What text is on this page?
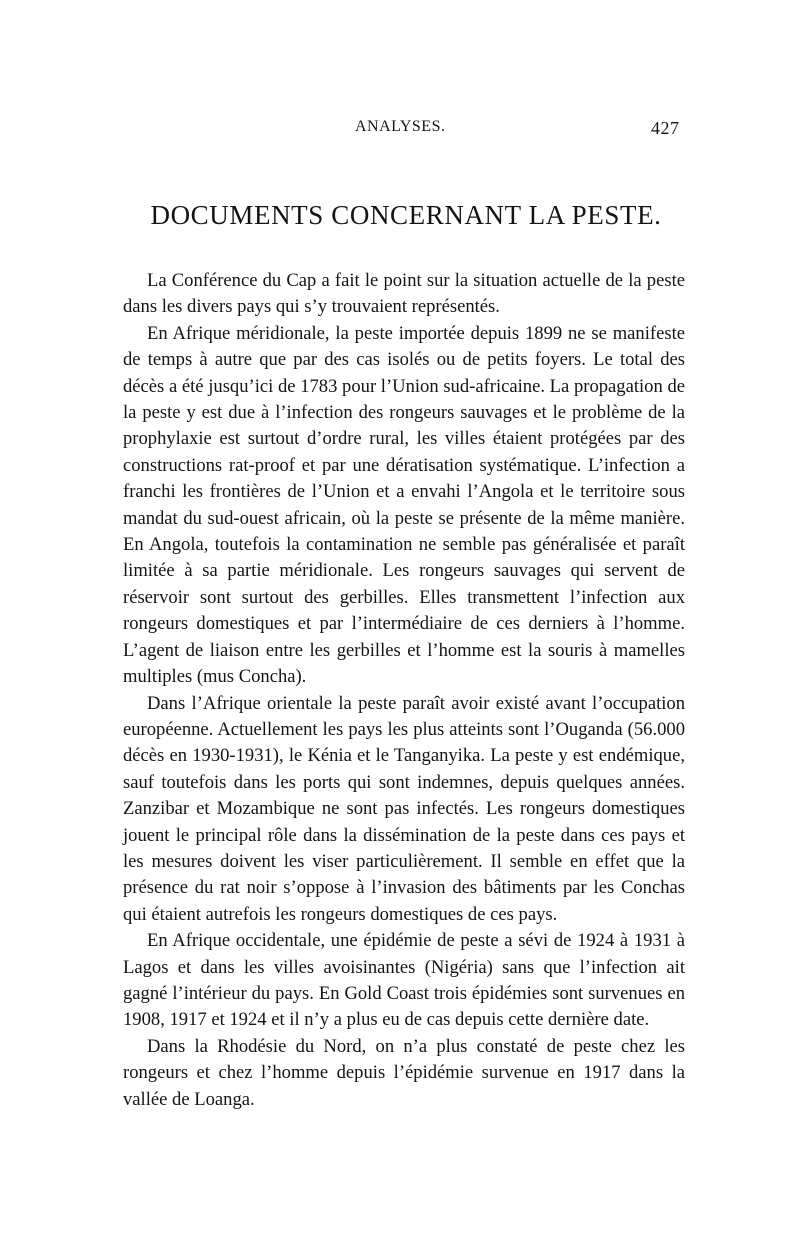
ANALYSES.	427
DOCUMENTS CONCERNANT LA PESTE.

La Conférence du Cap a fait le point sur la situation actuelle de la peste dans les divers pays qui s’y trouvaient représentés.

En Afrique méridionale, la peste importée depuis 1899 ne se manifeste de temps à autre que par des cas isolés ou de petits foyers. Le total des décès a été jusqu’ici de 1783 pour l’Union sud-africaine. La propagation de la peste y est due à l’infection des rongeurs sauvages et le problème de la prophylaxie est surtout d’ordre rural, les villes étaient protégées par des constructions rat-proof et par une dératisation systématique. L’infection a franchi les frontières de l’Union et a envahi l’Angola et le territoire sous mandat du sud-ouest africain, où la peste se présente de la même manière. En Angola, toutefois la contamination ne semble pas généralisée et paraît limitée à sa partie méridionale. Les rongeurs sauvages qui servent de réservoir sont surtout des gerbilles. Elles transmettent l’infection aux rongeurs domestiques et par l’intermédiaire de ces derniers à l’homme. L’agent de liaison entre les gerbilles et l’homme est la souris à mamelles multiples (mus Concha).

Dans l’Afrique orientale la peste paraît avoir existé avant l’occupation européenne. Actuellement les pays les plus atteints sont l’Ouganda (56.000 décès en 1930-1931), le Kénia et le Tanganyika. La peste y est endémique, sauf toutefois dans les ports qui sont indemnes, depuis quelques années. Zanzibar et Mozambique ne sont pas infectés. Les rongeurs domestiques jouent le principal rôle dans la dissémination de la peste dans ces pays et les mesures doivent les viser particulièrement. Il semble en effet que la présence du rat noir s’oppose à l’invasion des bâtiments par les Conchas qui étaient autrefois les rongeurs domestiques de ces pays.

En Afrique occidentale, une épidémie de peste a sévi de 1924 à 1931 à Lagos et dans les villes avoisinantes (Nigéria) sans que l’infection ait gagné l’intérieur du pays. En Gold Coast trois épidémies sont survenues en 1908, 1917 et 1924 et il n’y a plus eu de cas depuis cette dernière date.

Dans la Rhodésie du Nord, on n’a plus constaté de peste chez les rongeurs et chez l’homme depuis l’épidémie survenue en 1917 dans la vallée de Loanga.
